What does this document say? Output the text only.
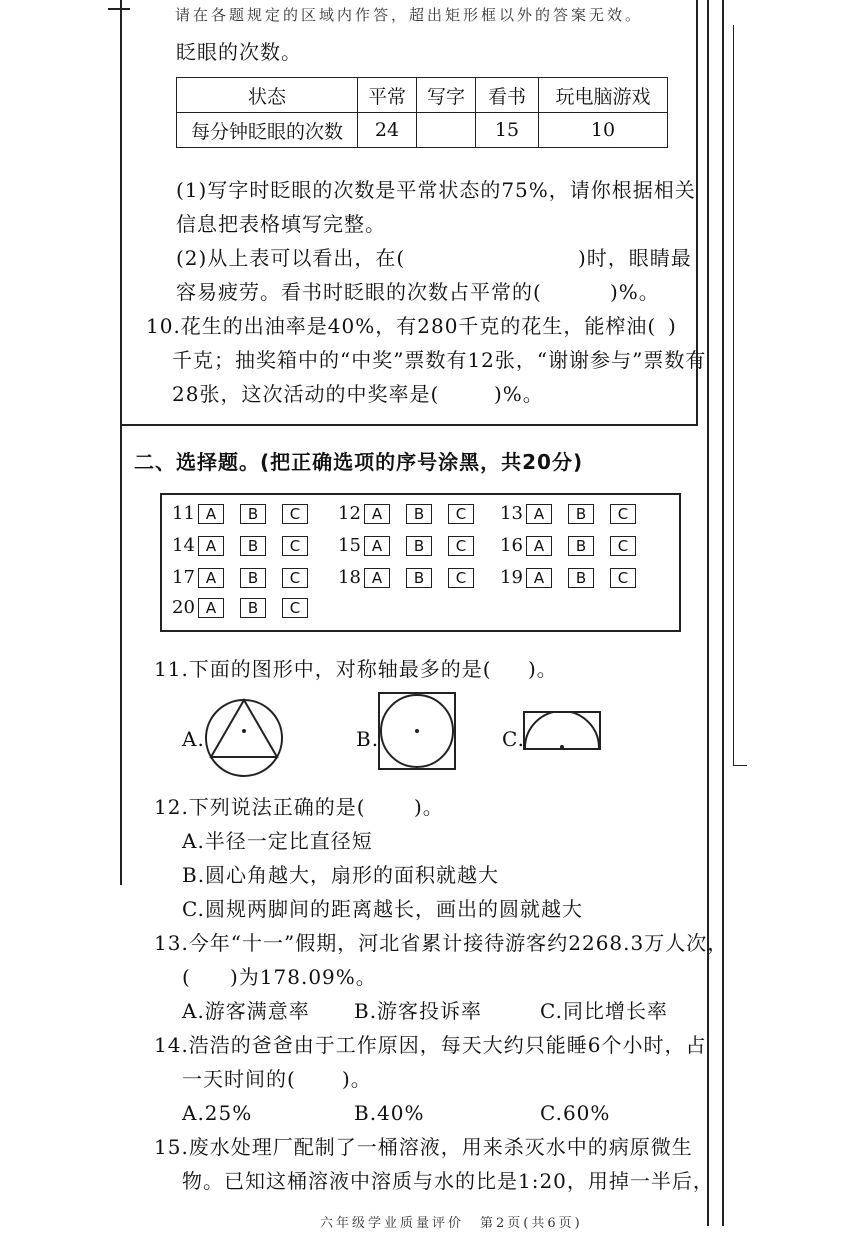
请在各题规定的区域内作答，超出矩形框以外的答案无效。
眨眼的次数。
状态	平常	写字	看书	玩电脑游戏
每分钟眨眼的次数	24		15	10
(1)写字时眨眼的次数是平常状态的75%，请你根据相关
信息把表格填写完整。
(2)从上表可以看出，在(	)时，眼睛最
容易疲劳。看书时眨眼的次数占平常的(	)%。
10.花生的出油率是40%，有280千克的花生，能榨油( )
千克；抽奖箱中的“中奖”票数有12张，“谢谢参与”票数有
28张，这次活动的中奖率是(	)%。
二、选择题。(把正确选项的序号涂黑，共20分)
11 A	B	C	12 A	B	C	13 A	B	C
14 A	B	C	15 A	B	C	16 A	B	C
17 A	B	C	18 A	B	C	19 A	B	C
20 A	B	C
11.下面的图形中，对称轴最多的是( )。
A.	B.	C.
12.下列说法正确的是( )。
A.半径一定比直径短
B.圆心角越大，扇形的面积就越大
C.圆规两脚间的距离越长，画出的圆就越大
13.今年“十一”假期，河北省累计接待游客约2268.3万人次，
( )为178.09%。
A.游客满意率 B.游客投诉率	C.同比增长率
14.浩浩的爸爸由于工作原因，每天大约只能睡6个小时，占
一天时间的( )。
A.25%	B.40%	C.60%
15.废水处理厂配制了一桶溶液，用来杀灭水中的病原微生
物。已知这桶溶液中溶质与水的比是1:20，用掉一半后，
六年级学业质量评价　第2页(共6页)
